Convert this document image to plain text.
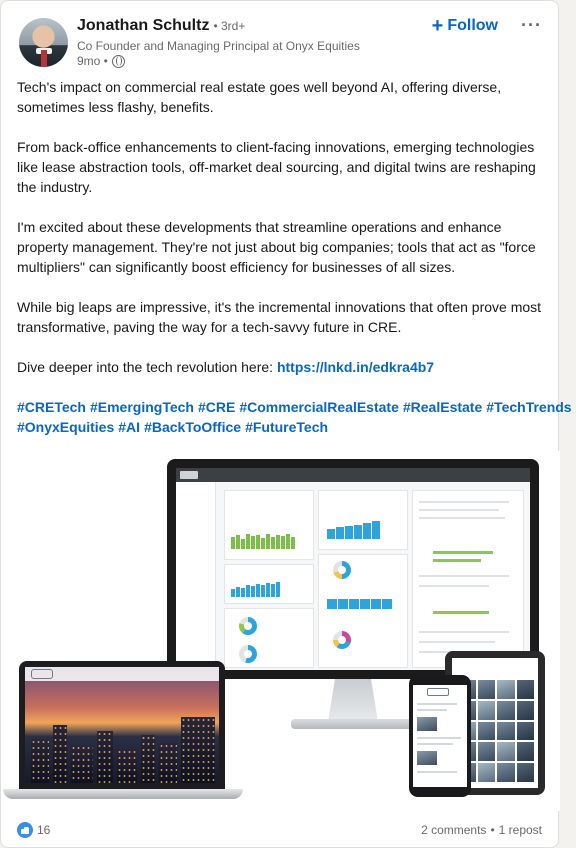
Jonathan Schultz • 3rd+
Co Founder and Managing Principal at Onyx Equities
9mo •
+ Follow ···

Tech's impact on commercial real estate goes well beyond AI, offering diverse, sometimes less flashy, benefits.

From back-office enhancements to client-facing innovations, emerging technologies like lease abstraction tools, off-market deal sourcing, and digital twins are reshaping the industry.

I'm excited about these developments that streamline operations and enhance property management. They're not just about big companies; tools that act as "force multipliers" can significantly boost efficiency for businesses of all sizes.

While big leaps are impressive, it's the incremental innovations that often prove most transformative, paving the way for a tech-savvy future in CRE.

Dive deeper into the tech revolution here: https://lnkd.in/edkra4b7

#CRETech #EmergingTech #CRE #CommercialRealEstate #RealEstate #TechTrends
#OnyxEquities #AI #BackToOffice #FutureTech
16	2 comments • 1 repost
